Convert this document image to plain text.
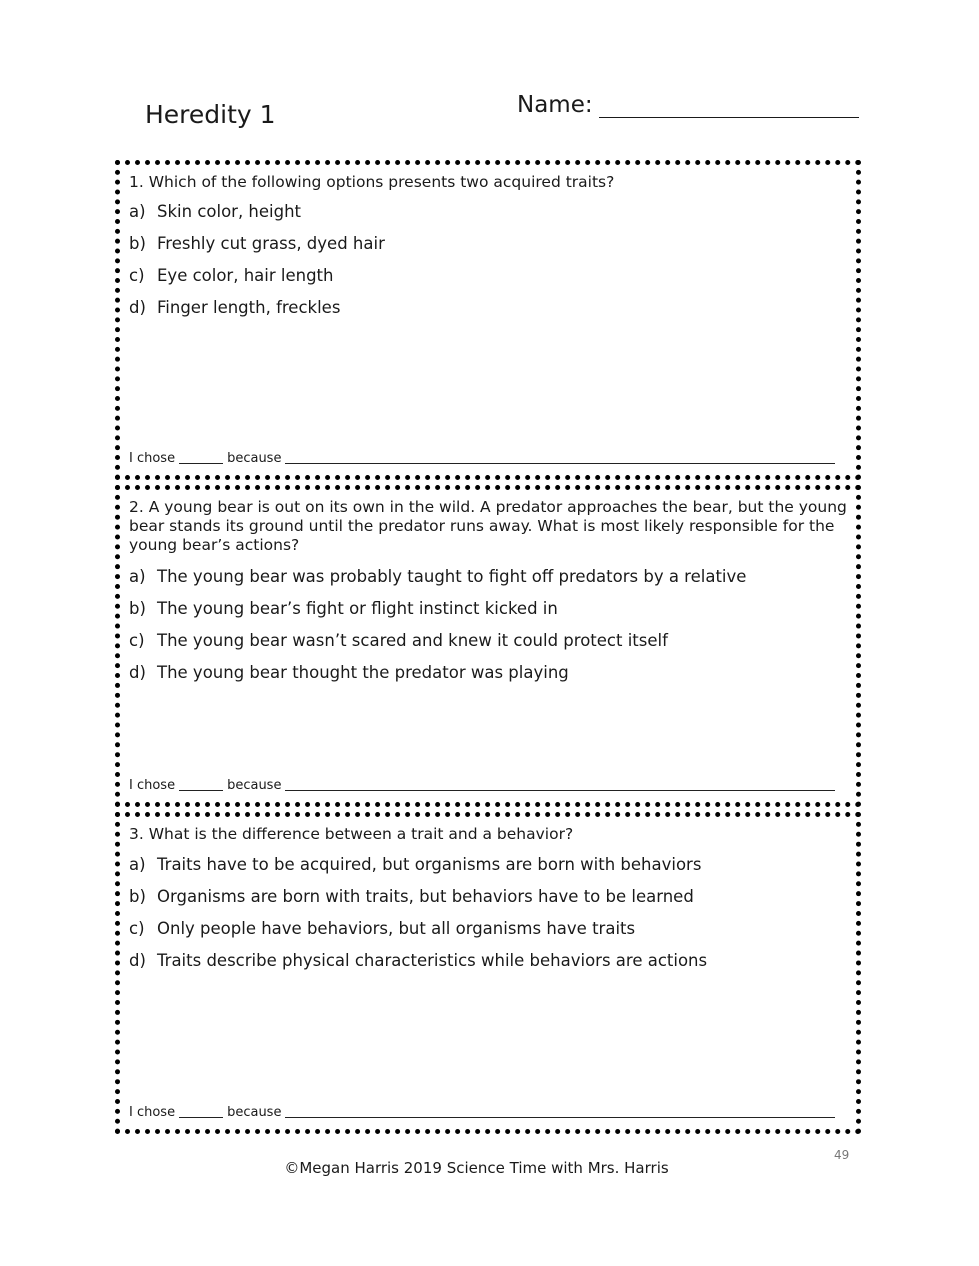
Heredity 1	Name:
1. Which of the following options presents two acquired traits?
a) Skin color, height
b) Freshly cut grass, dyed hair
c) Eye color, hair length
d) Finger length, freckles
I chose	because
2. A young bear is out on its own in the wild. A predator approaches the bear, but the young bear stands its ground until the predator runs away. What is most likely responsible for the young bear’s actions?
a) The young bear was probably taught to fight off predators by a relative
b) The young bear’s fight or flight instinct kicked in
c) The young bear wasn’t scared and knew it could protect itself
d) The young bear thought the predator was playing
I chose	because
3. What is the difference between a trait and a behavior?
a) Traits have to be acquired, but organisms are born with behaviors
b) Organisms are born with traits, but behaviors have to be learned
c) Only people have behaviors, but all organisms have traits
d) Traits describe physical characteristics while behaviors are actions
I chose	because
49
©Megan Harris 2019 Science Time with Mrs. Harris
